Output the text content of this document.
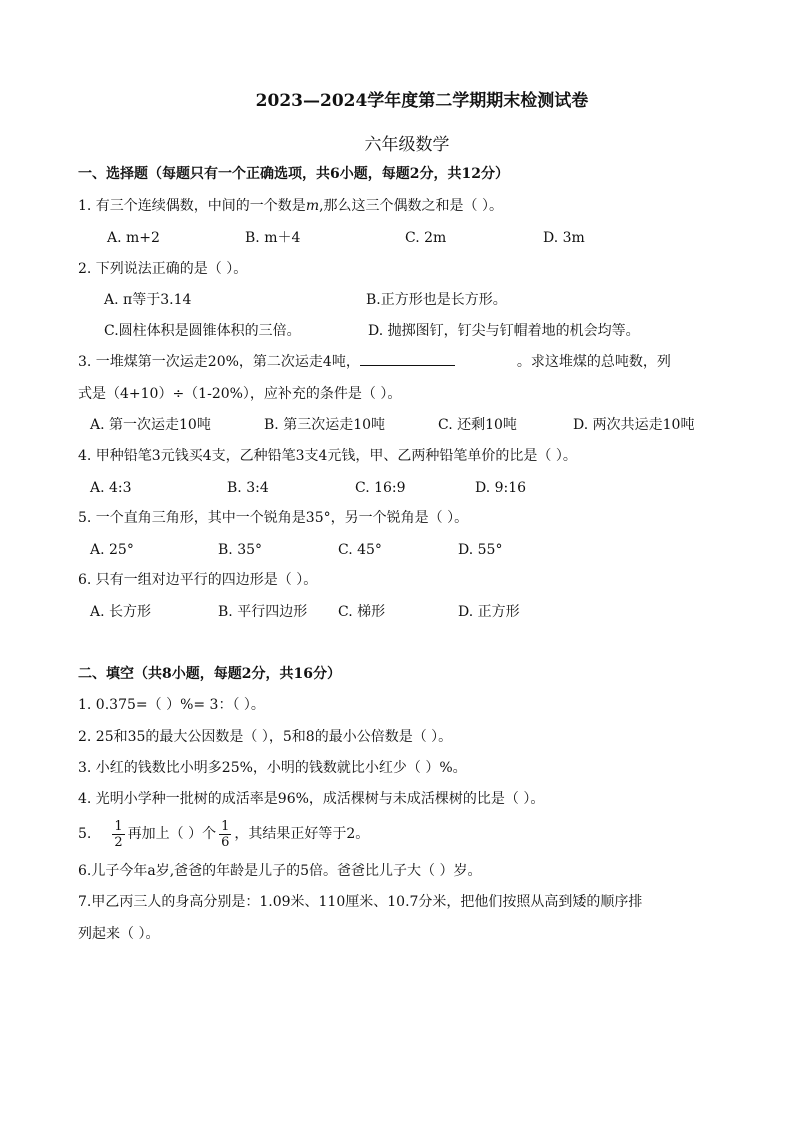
2023—2024学年度第二学期期末检测试卷
六年级数学
一、选择题（每题只有一个正确选项，共6小题，每题2分，共12分）
1. 有三个连续偶数，中间的一个数是m,那么这三个偶数之和是（ ）。
A. m+2	B. m＋4	C. 2m	D. 3m
2. 下列说法正确的是（ ）。
A. π等于3.14	B.正方形也是长方形。
C.圆柱体积是圆锥体积的三倍。	D. 抛掷图钉，钉尖与钉帽着地的机会均等。
3. 一堆煤第一次运走20%，第二次运走4吨，	。求这堆煤的总吨数，列
式是（4+10）÷（1-20%），应补充的条件是（ ）。
A. 第一次运走10吨	B. 第三次运走10吨	C. 还剩10吨	D. 两次共运走10吨
4. 甲种铅笔3元钱买4支，乙种铅笔3支4元钱，甲、乙两种铅笔单价的比是（ ）。
A. 4:3	B. 3:4	C. 16:9	D. 9:16
5. 一个直角三角形，其中一个锐角是35°，另一个锐角是（ ）。
A. 25°	B. 35°	C. 45°	D. 55°
6. 只有一组对边平行的四边形是（ ）。
A. 长方形	B. 平行四边形 C. 梯形	D. 正方形
二、填空（共8小题，每题2分，共16分）
1. 0.375=（ ）%= 3：（ ）。
2. 25和35的最大公因数是（ ），5和8的最小公倍数是（ ）。
3. 小红的钱数比小明多25%，小明的钱数就比小红少（ ）%。
4. 光明小学种一批树的成活率是96%，成活棵树与未成活棵树的比是（ ）。
5. $\frac{1}{2}$ 再加上（ ）个 $\frac{1}{6}$ ，其结果正好等于2。
6.儿子今年a岁,爸爸的年龄是儿子的5倍。爸爸比儿子大（ ）岁。
7.甲乙丙三人的身高分别是：1.09米、110厘米、10.7分米，把他们按照从高到矮的顺序排
列起来（ ）。
